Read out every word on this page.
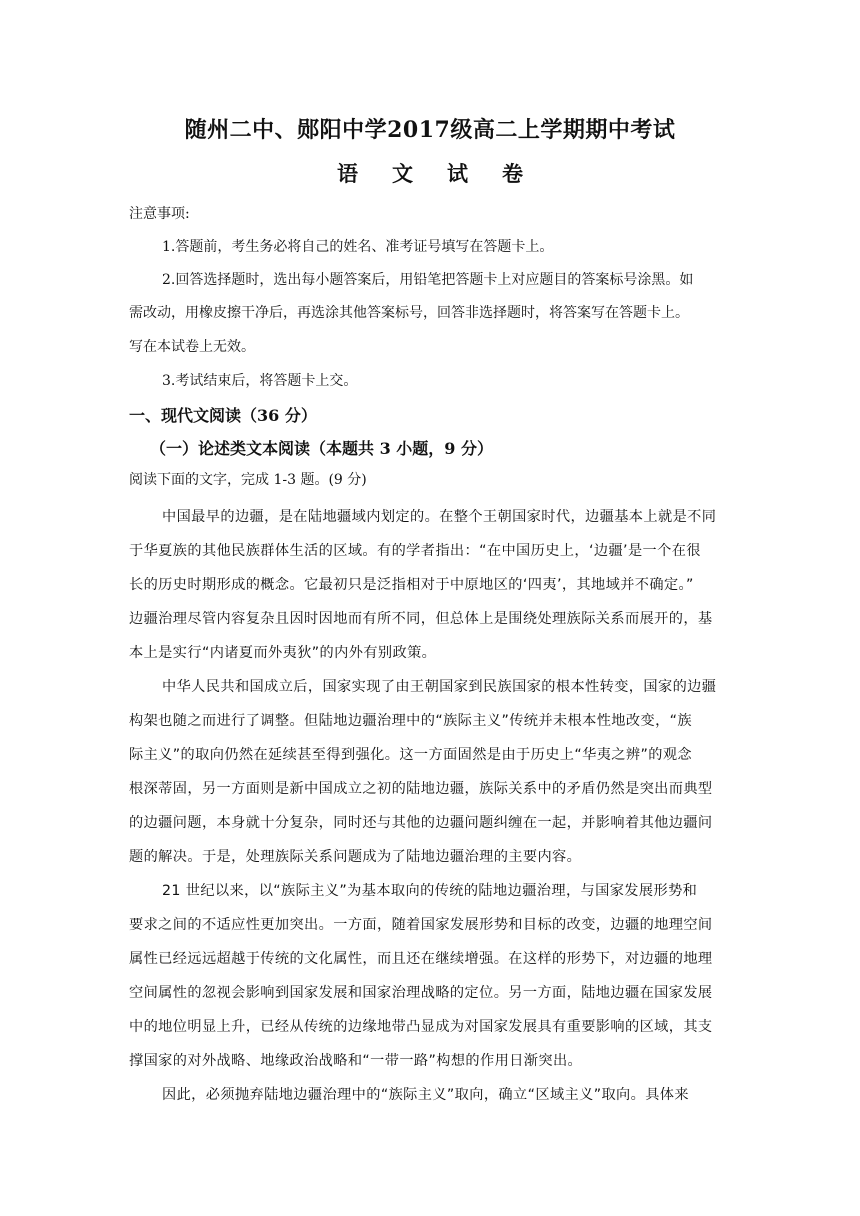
随州二中、郧阳中学2017级高二上学期期中考试
语 文 试 卷
注意事项:
1.答题前，考生务必将自己的姓名、准考证号填写在答题卡上。
2.回答选择题时，选出每小题答案后，用铅笔把答题卡上对应题目的答案标号涂黑。如
需改动，用橡皮擦干净后，再选涂其他答案标号，回答非选择题时，将答案写在答题卡上。
写在本试卷上无效。
3.考试结束后，将答题卡上交。
一、现代文阅读（36 分）
（一）论述类文本阅读（本题共 3 小题，9 分）
阅读下面的文字，完成 1-3 题。(9 分)
中国最早的边疆，是在陆地疆域内划定的。在整个王朝国家时代，边疆基本上就是不同
于华夏族的其他民族群体生活的区域。有的学者指出：“在中国历史上，‘边疆’是一个在很
长的历史时期形成的概念。它最初只是泛指相对于中原地区的‘四夷’，其地域并不确定。”
边疆治理尽管内容复杂且因时因地而有所不同，但总体上是围绕处理族际关系而展开的，基
本上是实行“内诸夏而外夷狄”的内外有别政策。
中华人民共和国成立后，国家实现了由王朝国家到民族国家的根本性转变，国家的边疆
构架也随之而进行了调整。但陆地边疆治理中的“族际主义”传统并未根本性地改变，“族
际主义”的取向仍然在延续甚至得到强化。这一方面固然是由于历史上“华夷之辨”的观念
根深蒂固，另一方面则是新中国成立之初的陆地边疆，族际关系中的矛盾仍然是突出而典型
的边疆问题，本身就十分复杂，同时还与其他的边疆问题纠缠在一起，并影响着其他边疆问
题的解决。于是，处理族际关系问题成为了陆地边疆治理的主要内容。
21 世纪以来，以“族际主义”为基本取向的传统的陆地边疆治理，与国家发展形势和
要求之间的不适应性更加突出。一方面，随着国家发展形势和目标的改变，边疆的地理空间
属性已经远远超越于传统的文化属性，而且还在继续增强。在这样的形势下，对边疆的地理
空间属性的忽视会影响到国家发展和国家治理战略的定位。另一方面，陆地边疆在国家发展
中的地位明显上升，已经从传统的边缘地带凸显成为对国家发展具有重要影响的区域，其支
撑国家的对外战略、地缘政治战略和“一带一路”构想的作用日渐突出。
因此，必须抛弃陆地边疆治理中的“族际主义”取向，确立“区域主义”取向。具体来
